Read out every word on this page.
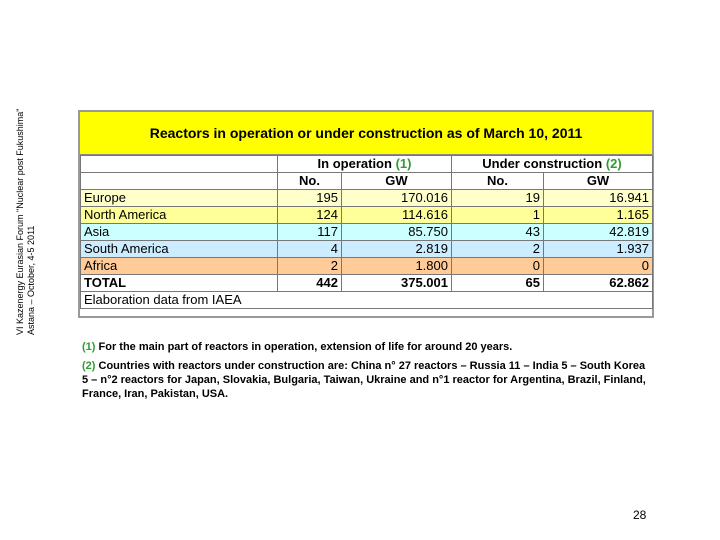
VI Kazenergy Eurasian Forum "Nuclear post Fukushima" Astana – October, 4-5 2011
Reactors in operation or under construction as of March 10, 2011
	In operation (1)		Under construction (2)	
	No.	GW	No.	GW
Europe	195	170.016	19	16.941
North America	124	114.616	1	1.165
Asia	117	85.750	43	42.819
South America	4	2.819	2	1.937
Africa	2	1.800	0	0
TOTAL	442	375.001	65	62.862
Elaboration data from IAEA				

(1) For the main part of reactors in operation, extension of life for around 20 years.

(2) Countries with reactors under construction are: China n° 27 reactors – Russia 11 – India 5 – South Korea 5 – n°2 reactors for Japan, Slovakia, Bulgaria, Taiwan, Ukraine and n°1 reactor for Argentina, Brazil, Finland, France, Iran, Pakistan, USA.

28
